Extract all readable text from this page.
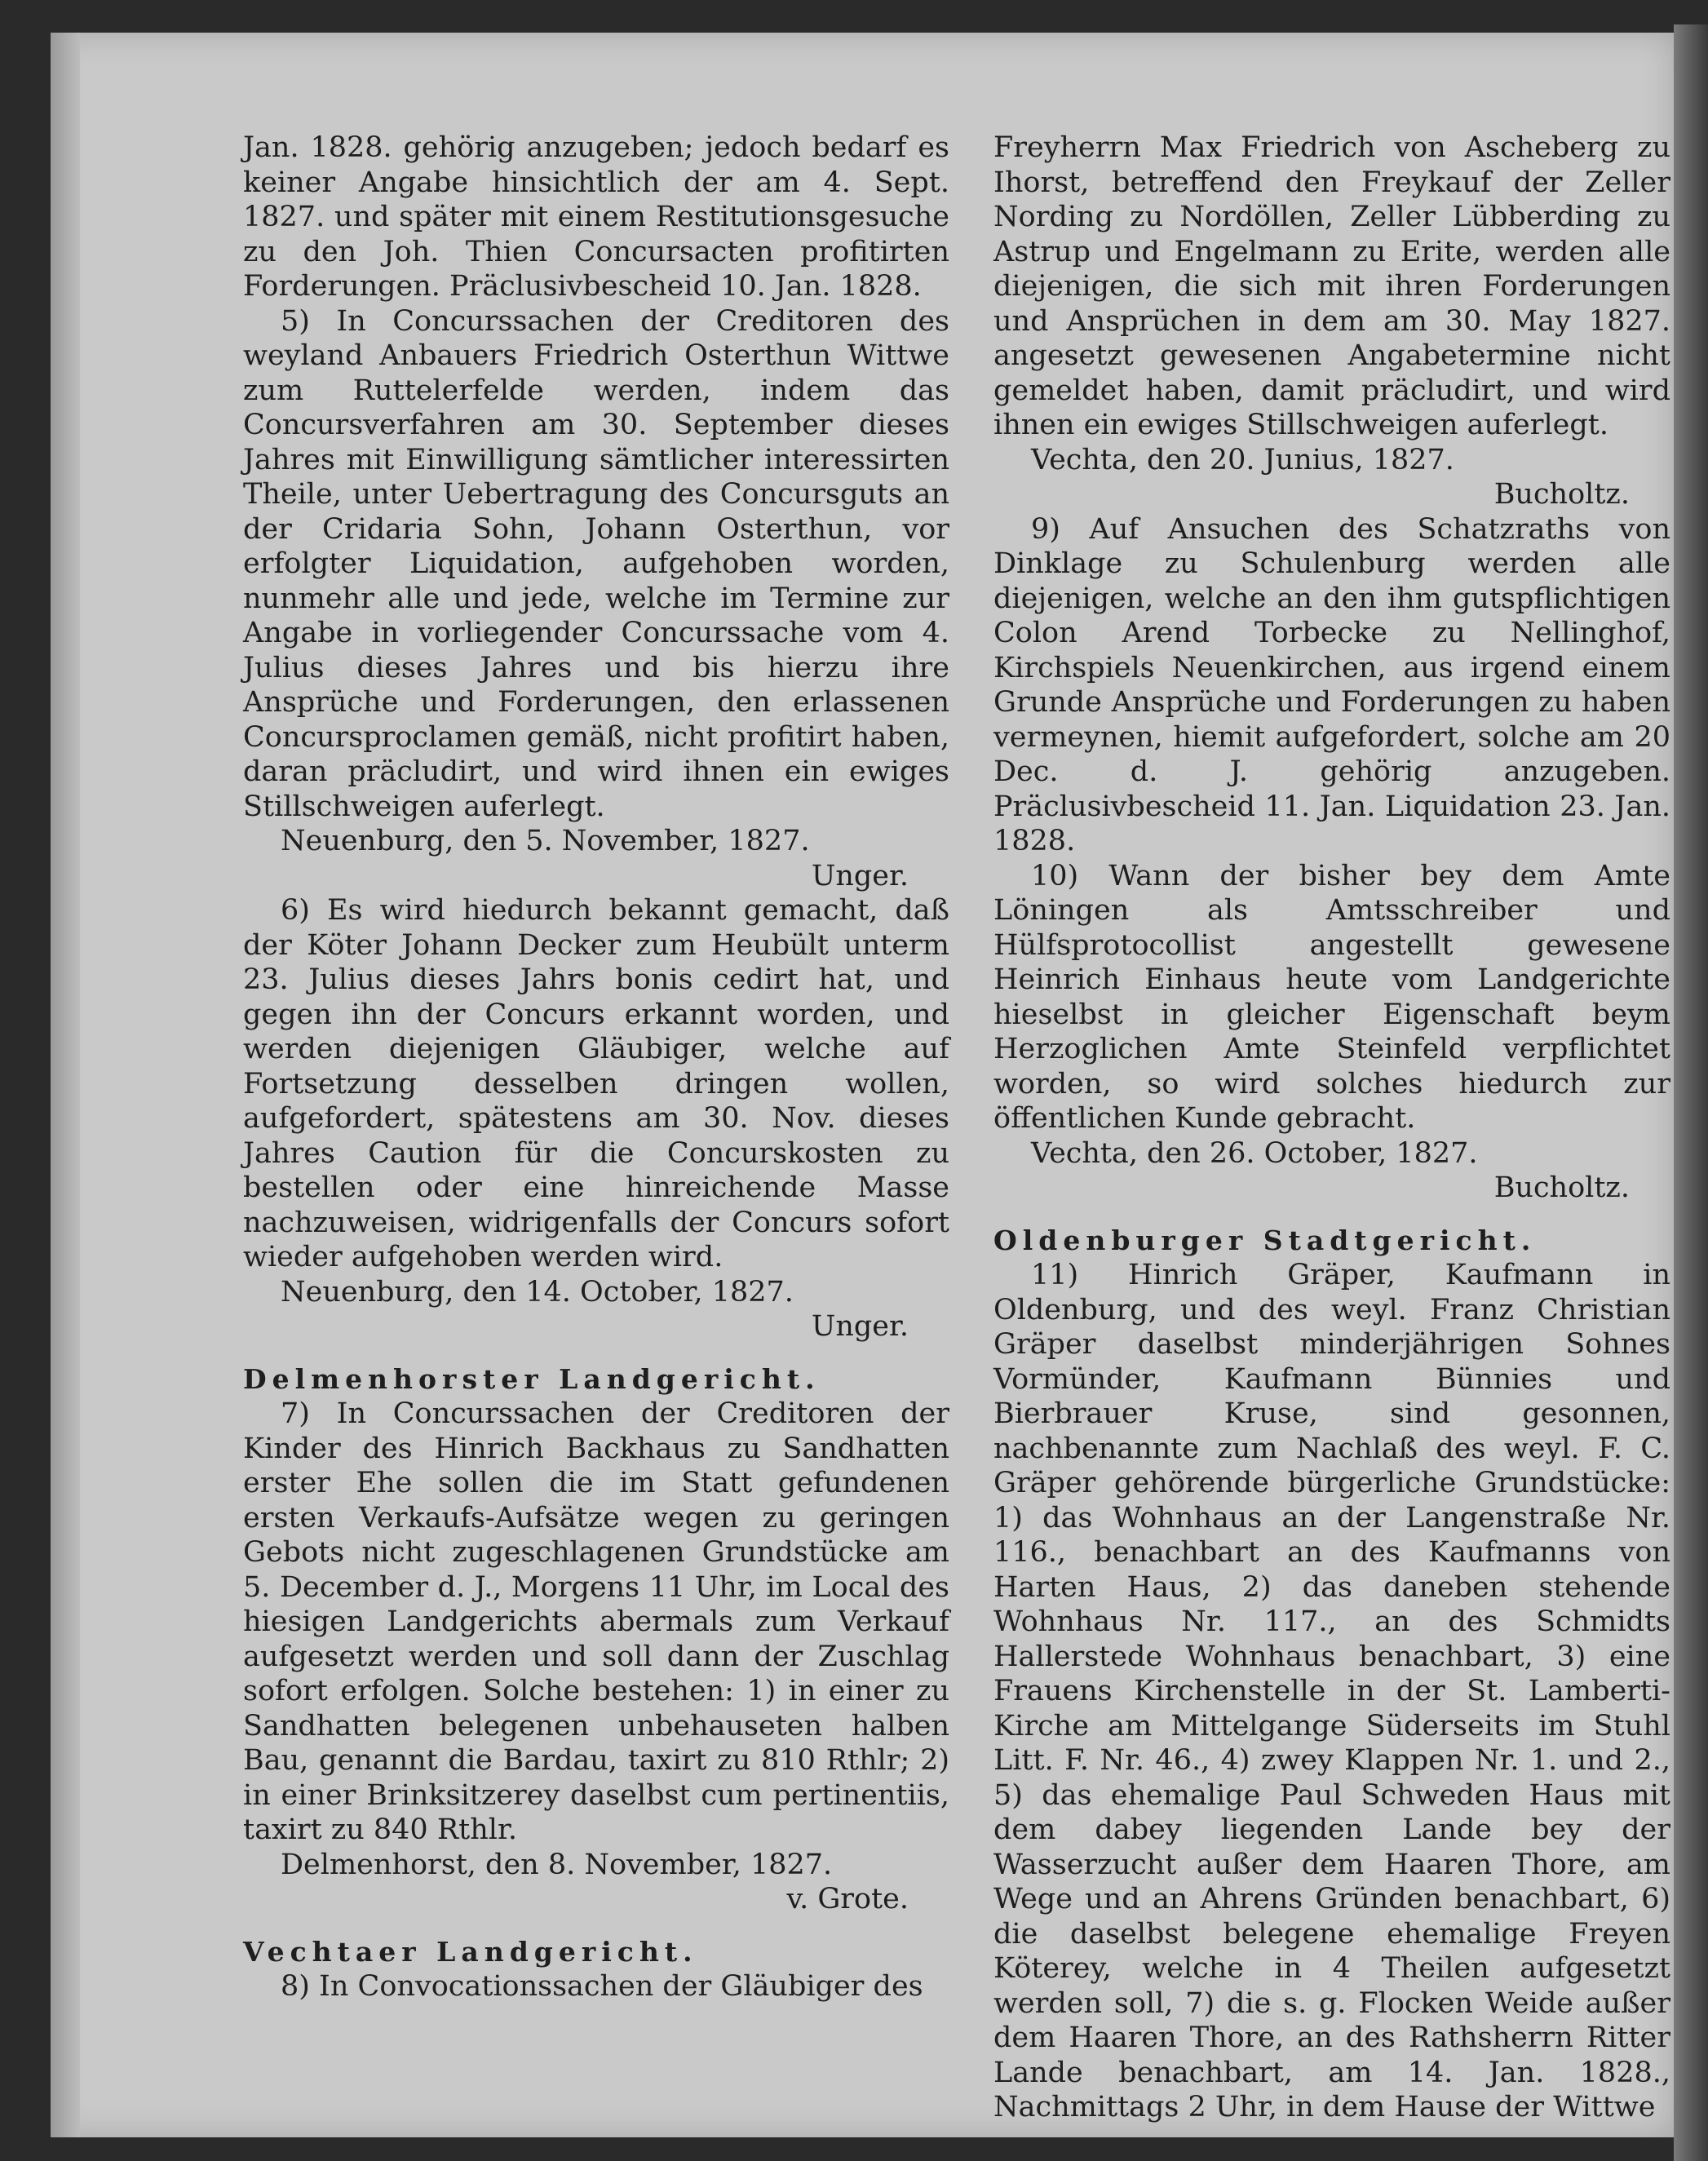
Jan. 1828. gehörig anzugeben; jedoch bedarf es keiner Angabe hinsichtlich der am 4. Sept. 1827. und später mit einem Restitutionsgesuche zu den Joh. Thien Concursacten profitirten Forderungen. Präclusivbescheid 10. Jan. 1828.

5) In Concurssachen der Creditoren des weyland Anbauers Friedrich Osterthun Wittwe zum Ruttelerfelde werden, indem das Concursverfahren am 30. September dieses Jahres mit Einwilligung sämtlicher interessirten Theile, unter Uebertragung des Concursguts an der Cridaria Sohn, Johann Osterthun, vor erfolgter Liquidation, aufgehoben worden, nunmehr alle und jede, welche im Termine zur Angabe in vorliegender Concurssache vom 4. Julius dieses Jahres und bis hierzu ihre Ansprüche und Forderungen, den erlassenen Concursproclamen gemäß, nicht profitirt haben, daran präcludirt, und wird ihnen ein ewiges Stillschweigen auferlegt.

Neuenburg, den 5. November, 1827.

Unger.

6) Es wird hiedurch bekannt gemacht, daß der Köter Johann Decker zum Heubült unterm 23. Julius dieses Jahrs bonis cedirt hat, und gegen ihn der Concurs erkannt worden, und werden diejenigen Gläubiger, welche auf Fortsetzung desselben dringen wollen, aufgefordert, spätestens am 30. Nov. dieses Jahres Caution für die Concurskosten zu bestellen oder eine hinreichende Masse nachzuweisen, widrigenfalls der Concurs sofort wieder aufgehoben werden wird.

Neuenburg, den 14. October, 1827.

Unger.

Delmenhorster Landgericht.

7) In Concurssachen der Creditoren der Kinder des Hinrich Backhaus zu Sandhatten erster Ehe sollen die im Statt gefundenen ersten Verkaufs-Aufsätze wegen zu geringen Gebots nicht zugeschlagenen Grundstücke am 5. December d. J., Morgens 11 Uhr, im Local des hiesigen Landgerichts abermals zum Verkauf aufgesetzt werden und soll dann der Zuschlag sofort erfolgen. Solche bestehen: 1) in einer zu Sandhatten belegenen unbehauseten halben Bau, genannt die Bardau, taxirt zu 810 Rthlr; 2) in einer Brinksitzerey daselbst cum pertinentiis, taxirt zu 840 Rthlr.

Delmenhorst, den 8. November, 1827.

v. Grote.

Vechtaer Landgericht.

8) In Convocationssachen der Gläubiger des

Freyherrn Max Friedrich von Ascheberg zu Ihorst, betreffend den Freykauf der Zeller Nording zu Nordöllen, Zeller Lübberding zu Astrup und Engelmann zu Erite, werden alle diejenigen, die sich mit ihren Forderungen und Ansprüchen in dem am 30. May 1827. angesetzt gewesenen Angabetermine nicht gemeldet haben, damit präcludirt, und wird ihnen ein ewiges Stillschweigen auferlegt.

Vechta, den 20. Junius, 1827.

Bucholtz.

9) Auf Ansuchen des Schatzraths von Dinklage zu Schulenburg werden alle diejenigen, welche an den ihm gutspflichtigen Colon Arend Torbecke zu Nellinghof, Kirchspiels Neuenkirchen, aus irgend einem Grunde Ansprüche und Forderungen zu haben vermeynen, hiemit aufgefordert, solche am 20 Dec. d. J. gehörig anzugeben. Präclusivbescheid 11. Jan. Liquidation 23. Jan. 1828.

10) Wann der bisher bey dem Amte Löningen als Amtsschreiber und Hülfsprotocollist angestellt gewesene Heinrich Einhaus heute vom Landgerichte hieselbst in gleicher Eigenschaft beym Herzoglichen Amte Steinfeld verpflichtet worden, so wird solches hiedurch zur öffentlichen Kunde gebracht.

Vechta, den 26. October, 1827.

Bucholtz.

Oldenburger Stadtgericht.

11) Hinrich Gräper, Kaufmann in Oldenburg, und des weyl. Franz Christian Gräper daselbst minderjährigen Sohnes Vormünder, Kaufmann Bünnies und Bierbrauer Kruse, sind gesonnen, nachbenannte zum Nachlaß des weyl. F. C. Gräper gehörende bürgerliche Grundstücke: 1) das Wohnhaus an der Langenstraße Nr. 116., benachbart an des Kaufmanns von Harten Haus, 2) das daneben stehende Wohnhaus Nr. 117., an des Schmidts Hallerstede Wohnhaus benachbart, 3) eine Frauens Kirchenstelle in der St. Lamberti-Kirche am Mittelgange Süderseits im Stuhl Litt. F. Nr. 46., 4) zwey Klappen Nr. 1. und 2., 5) das ehemalige Paul Schweden Haus mit dem dabey liegenden Lande bey der Wasserzucht außer dem Haaren Thore, am Wege und an Ahrens Gründen benachbart, 6) die daselbst belegene ehemalige Freyen Köterey, welche in 4 Theilen aufgesetzt werden soll, 7) die s. g. Flocken Weide außer dem Haaren Thore, an des Rathsherrn Ritter Lande benachbart, am 14. Jan. 1828., Nachmittags 2 Uhr, in dem Hause der Wittwe
